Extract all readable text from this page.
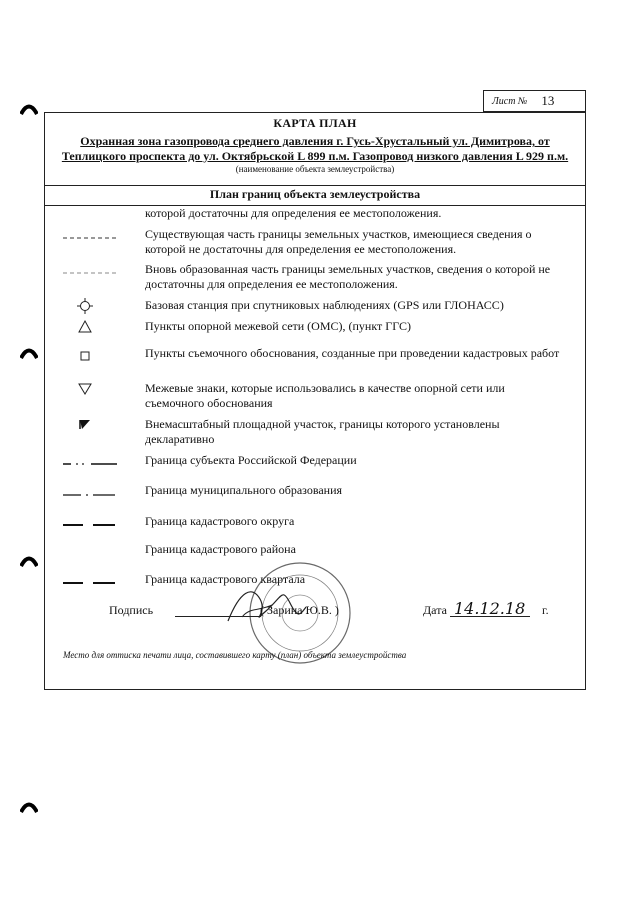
Лист № 13
КАРТА ПЛАН
Охранная зона газопровода среднего давления г. Гусь-Хрустальный ул. Димитрова, от Теплицкого проспекта до ул. Октябрьской L 899 п.м. Газопровод низкого давления L 929 п.м.
(наименование объекта землеустройства)
План границ объекта землеустройства
которой достаточны для определения ее местоположения.
Существующая часть границы земельных участков, имеющиеся сведения о которой не достаточны для определения ее местоположения.
Вновь образованная часть границы земельных участков, сведения о которой не достаточны для определения ее местоположения.
Базовая станция при спутниковых наблюдениях (GPS или ГЛОНАСС)
Пункты опорной межевой сети (ОМС), (пункт ГГС)
Пункты съемочного обоснования, созданные при проведении кадастровых работ
Межевые знаки, которые использовались в качестве опорной сети или съемочного обоснования
Внемасштабный площадной участок, границы которого установлены декларативно
Граница субъекта Российской Федерации
Граница муниципального образования
Граница кадастрового округа
Граница кадастрового района
Граница кадастрового квартала
Подпись	( Зарина Ю.В. )	Дата 14.12.18 г.
Место для оттиска печати лица, составившего карту (план) объекта землеустройства
